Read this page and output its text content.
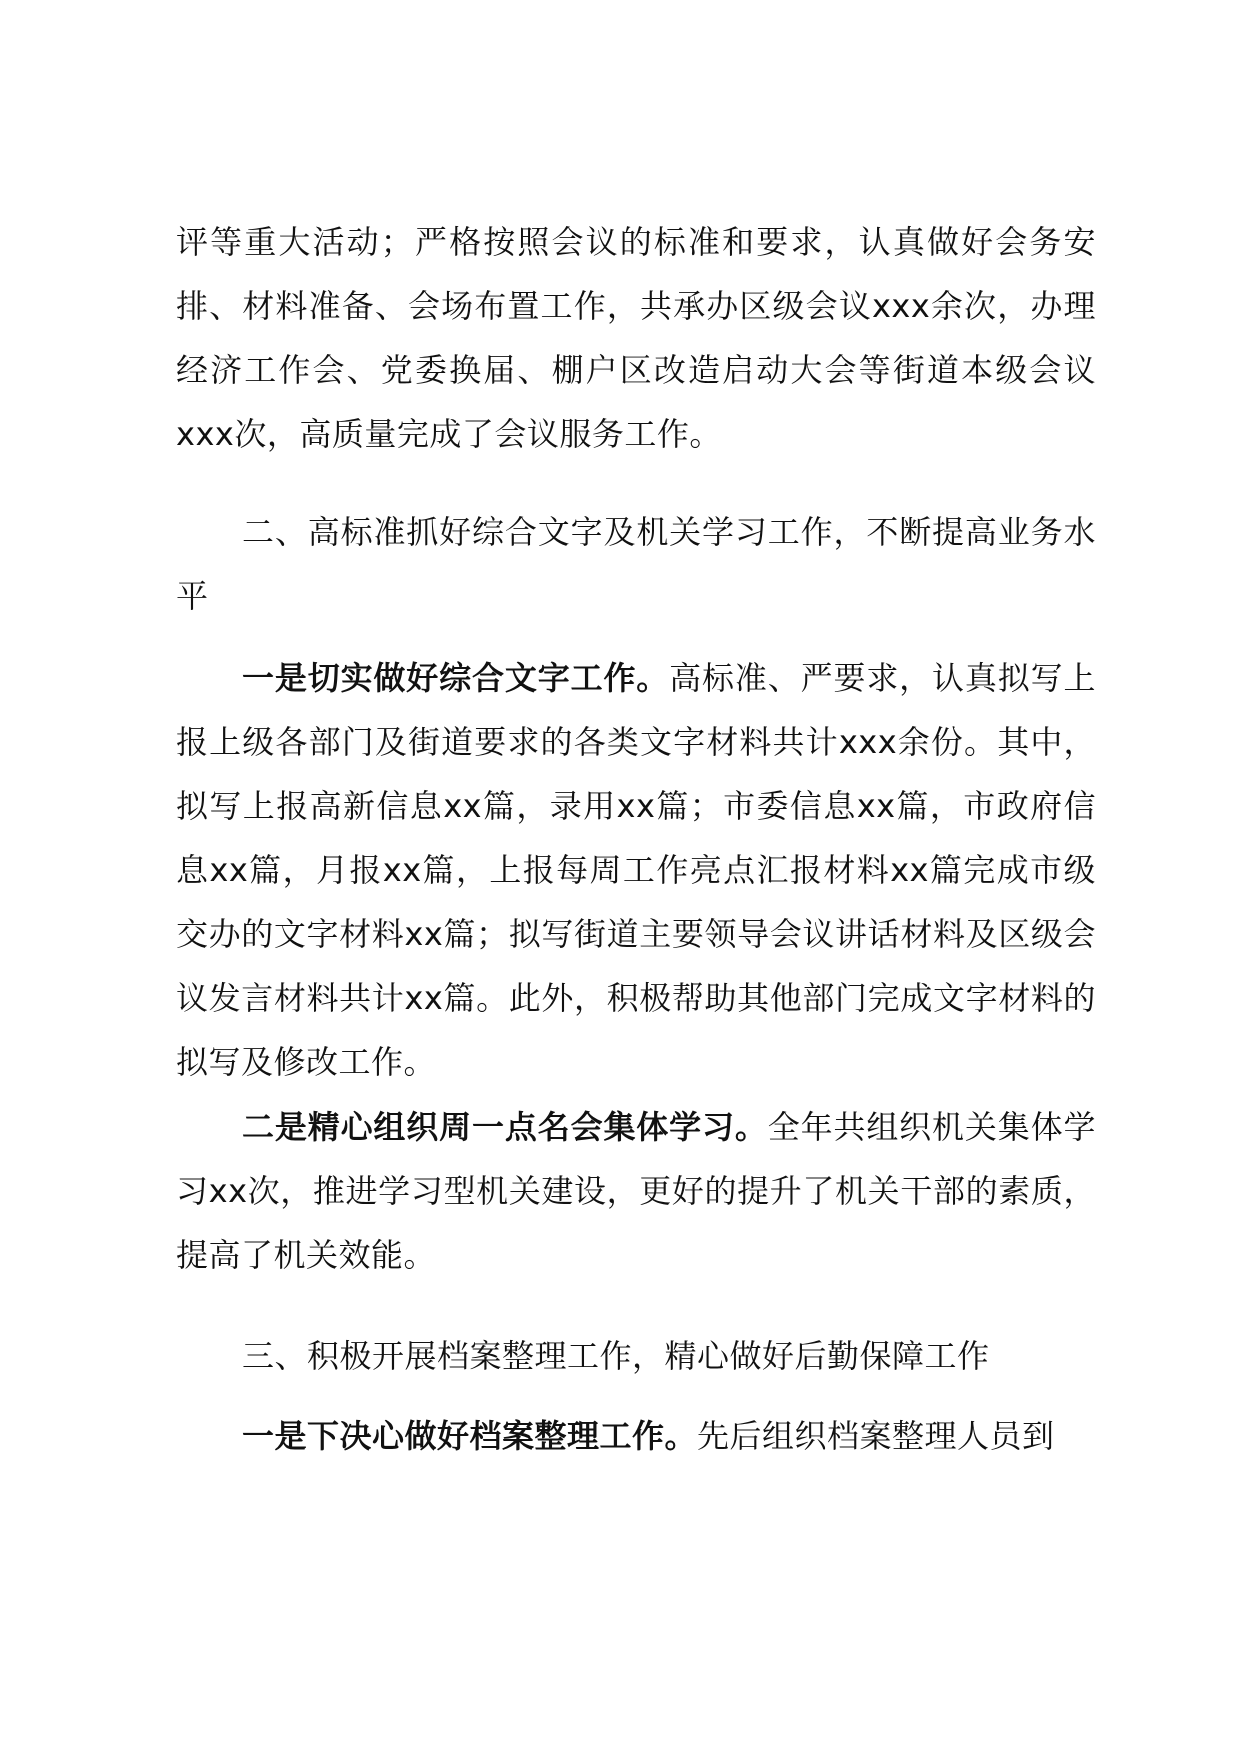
评等重大活动；严格按照会议的标准和要求，认真做好会务安排、材料准备、会场布置工作，共承办区级会议xxx余次，办理经济工作会、党委换届、棚户区改造启动大会等街道本级会议xxx次，高质量完成了会议服务工作。

二、高标准抓好综合文字及机关学习工作，不断提高业务水平

一是切实做好综合文字工作。高标准、严要求，认真拟写上报上级各部门及街道要求的各类文字材料共计xxx余份。其中，拟写上报高新信息xx篇，录用xx篇；市委信息xx篇，市政府信息xx篇，月报xx篇，上报每周工作亮点汇报材料xx篇完成市级交办的文字材料xx篇；拟写街道主要领导会议讲话材料及区级会议发言材料共计xx篇。此外，积极帮助其他部门完成文字材料的拟写及修改工作。

二是精心组织周一点名会集体学习。全年共组织机关集体学习xx次，推进学习型机关建设，更好的提升了机关干部的素质，提高了机关效能。

三、积极开展档案整理工作，精心做好后勤保障工作

一是下决心做好档案整理工作。先后组织档案整理人员到
